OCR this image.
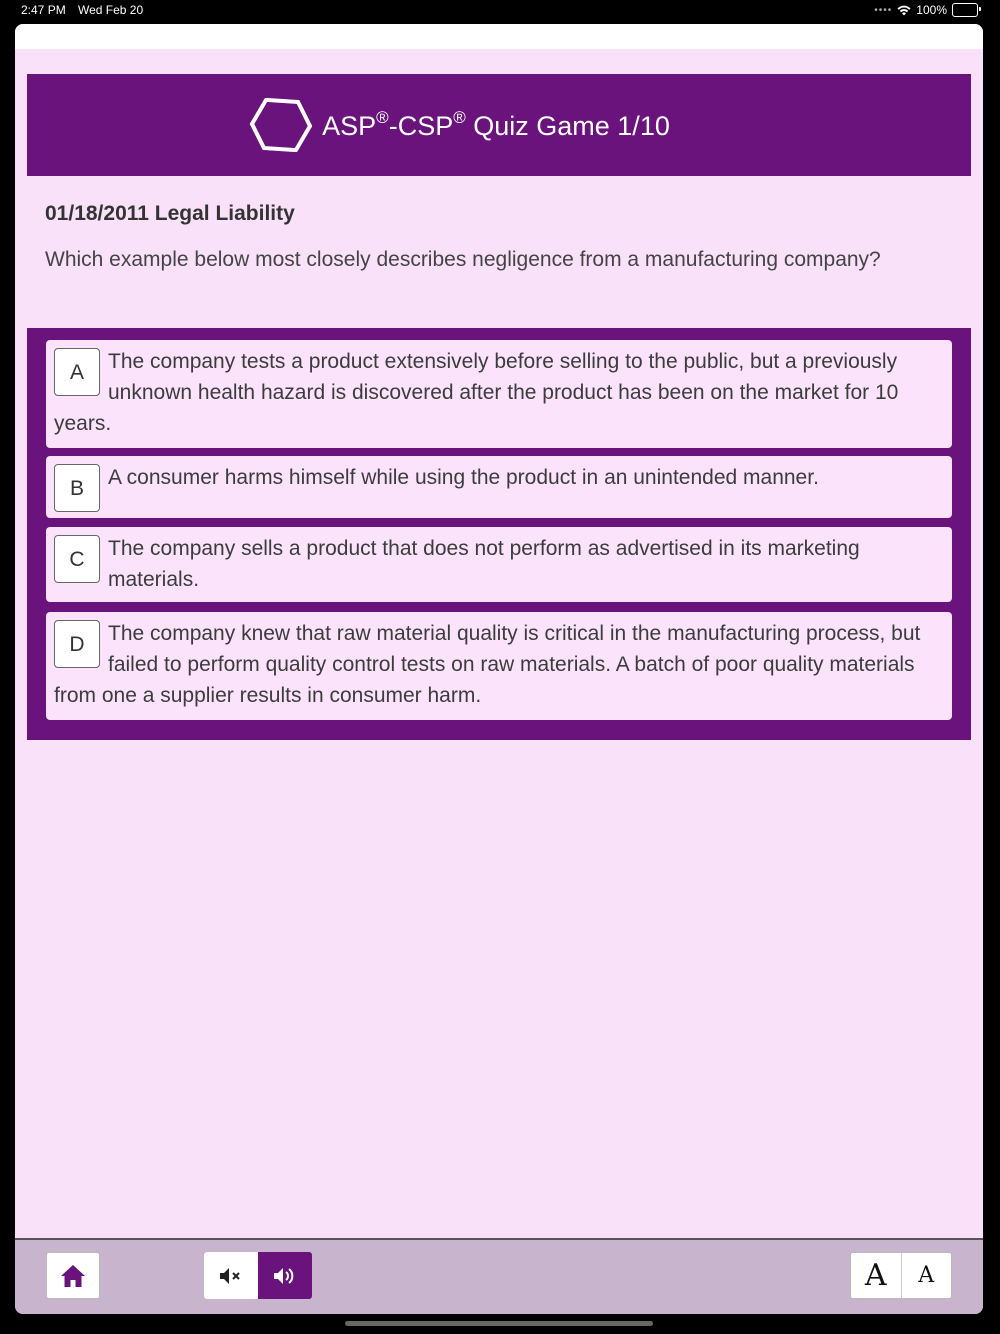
2:47 PM Wed Feb 20	•••• 100%
ASP®-CSP® Quiz Game 1/10
01/18/2011 Legal Liability
Which example below most closely describes negligence from a manufacturing company?
A	The company tests a product extensively before selling to the public, but a previously unknown health hazard is discovered after the product has been on the market for 10 years.
B	A consumer harms himself while using the product in an unintended manner.
C	The company sells a product that does not perform as advertised in its marketing materials.
D	The company knew that raw material quality is critical in the manufacturing process, but failed to perform quality control tests on raw materials. A batch of poor quality materials from one a supplier results in consumer harm.
A	A
